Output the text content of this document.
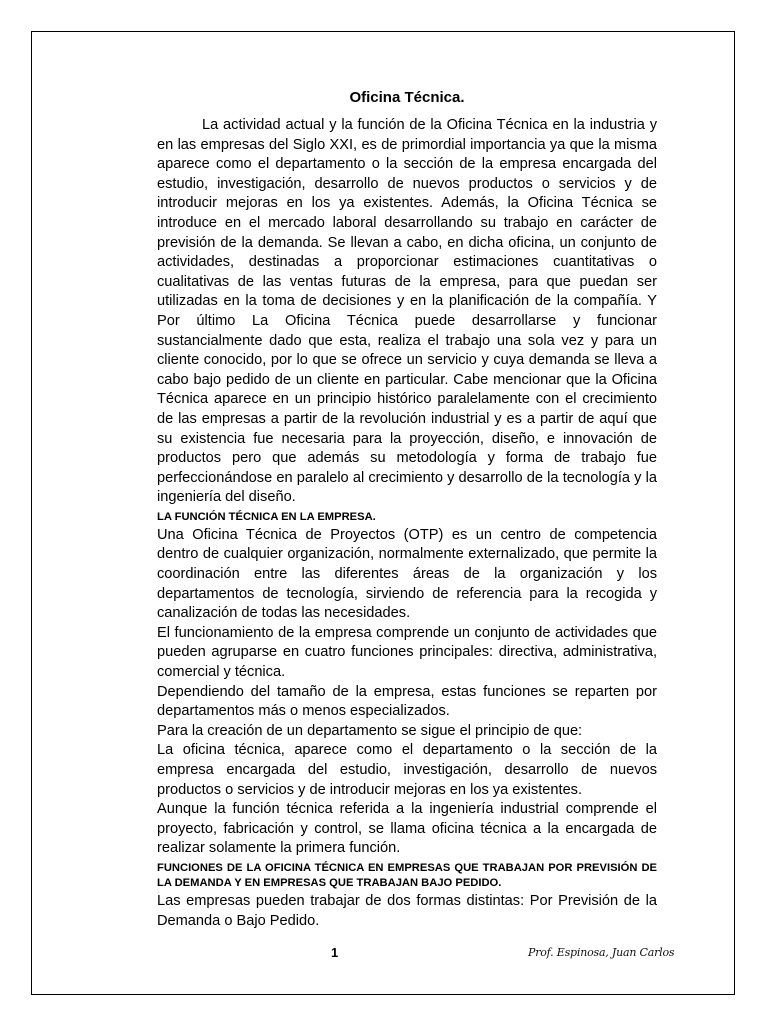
Oficina Técnica.

La actividad actual y la función de la Oficina Técnica en la industria y en las empresas del Siglo XXI, es de primordial importancia ya que la misma aparece como el departamento o la sección de la empresa encargada del estudio, investigación, desarrollo de nuevos productos o servicios y de introducir mejoras en los ya existentes. Además, la Oficina Técnica se introduce en el mercado laboral desarrollando su trabajo en carácter de previsión de la demanda. Se llevan a cabo, en dicha oficina, un conjunto de actividades, destinadas a proporcionar estimaciones cuantitativas o cualitativas de las ventas futuras de la empresa, para que puedan ser utilizadas en la toma de decisiones y en la planificación de la compañía. Y Por último La Oficina Técnica puede desarrollarse y funcionar sustancialmente dado que esta, realiza el trabajo una sola vez y para un cliente conocido, por lo que se ofrece un servicio y cuya demanda se lleva a cabo bajo pedido de un cliente en particular. Cabe mencionar que la Oficina Técnica aparece en un principio histórico paralelamente con el crecimiento de las empresas a partir de la revolución industrial y es a partir de aquí que su existencia fue necesaria para la proyección, diseño, e innovación de productos pero que además su metodología y forma de trabajo fue perfeccionándose en paralelo al crecimiento y desarrollo de la tecnología y la ingeniería del diseño.

LA FUNCIÓN TÉCNICA EN LA EMPRESA.

Una Oficina Técnica de Proyectos (OTP) es un centro de competencia dentro de cualquier organización, normalmente externalizado, que permite la coordinación entre las diferentes áreas de la organización y los departamentos de tecnología, sirviendo de referencia para la recogida y canalización de todas las necesidades.

El funcionamiento de la empresa comprende un conjunto de actividades que pueden agruparse en cuatro funciones principales: directiva, administrativa, comercial y técnica.

Dependiendo del tamaño de la empresa, estas funciones se reparten por departamentos más o menos especializados.

Para la creación de un departamento se sigue el principio de que:

La oficina técnica, aparece como el departamento o la sección de la empresa encargada del estudio, investigación, desarrollo de nuevos productos o servicios y de introducir mejoras en los ya existentes.

Aunque la función técnica referida a la ingeniería industrial comprende el proyecto, fabricación y control, se llama oficina técnica a la encargada de realizar solamente la primera función.

FUNCIONES DE LA OFICINA TÉCNICA EN EMPRESAS QUE TRABAJAN POR PREVISIÓN DE LA DEMANDA Y EN EMPRESAS QUE TRABAJAN BAJO PEDIDO.

Las empresas pueden trabajar de dos formas distintas: Por Previsión de la Demanda o Bajo Pedido.

1	Prof. Espinosa, Juan Carlos
